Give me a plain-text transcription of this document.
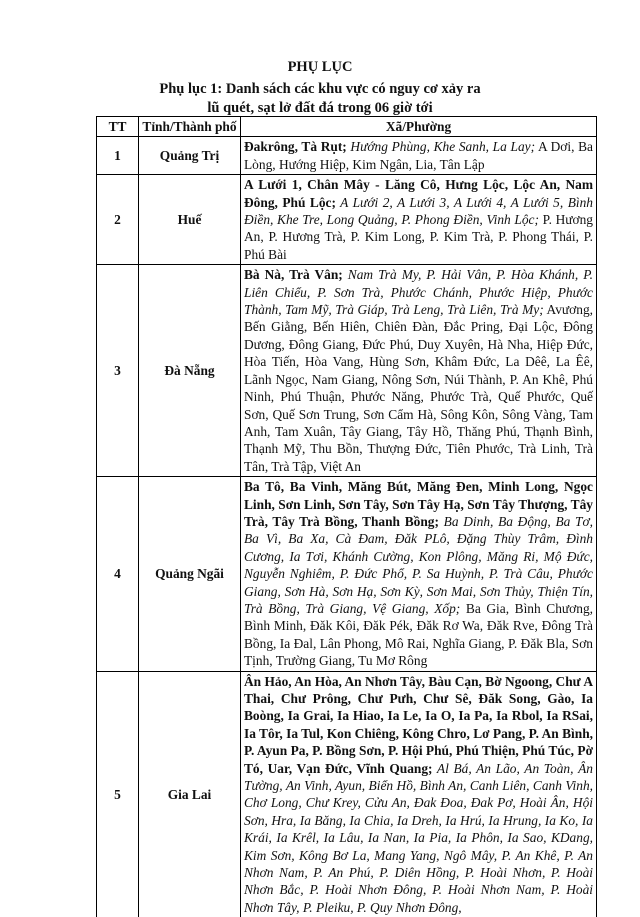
PHỤ LỤC
Phụ lục 1: Danh sách các khu vực có nguy cơ xảy ra
lũ quét, sạt lở đất đá trong 06 giờ tới
TT	Tỉnh/Thành phố	Xã/Phường
1	Quảng Trị	Đakrông, Tà Rụt; Hướng Phùng, Khe Sanh, La Lay; A Dơi, Ba Lòng, Hướng Hiệp, Kim Ngân, Lia, Tân Lập
2	Huế	A Lưới 1, Chân Mây - Lăng Cô, Hưng Lộc, Lộc An, Nam Đông, Phú Lộc; A Lưới 2, A Lưới 3, A Lưới 4, A Lưới 5, Bình Điền, Khe Tre, Long Quảng, P. Phong Điền, Vinh Lộc; P. Hương An, P. Hương Trà, P. Kim Long, P. Kim Trà, P. Phong Thái, P. Phú Bài
3	Đà Nẵng	Bà Nà, Trà Vân; Nam Trà My, P. Hải Vân, P. Hòa Khánh, P. Liên Chiểu, P. Sơn Trà, Phước Chánh, Phước Hiệp, Phước Thành, Tam Mỹ, Trà Giáp, Trà Leng, Trà Liên, Trà My; Avương, Bến Giằng, Bến Hiên, Chiên Đàn, Đắc Pring, Đại Lộc, Đông Dương, Đông Giang, Đức Phú, Duy Xuyên, Hà Nha, Hiệp Đức, Hòa Tiến, Hòa Vang, Hùng Sơn, Khâm Đức, La Dêê, La Êê, Lãnh Ngọc, Nam Giang, Nông Sơn, Núi Thành, P. An Khê, Phú Ninh, Phú Thuận, Phước Năng, Phước Trà, Quế Phước, Quế Sơn, Quế Sơn Trung, Sơn Cẩm Hà, Sông Kôn, Sông Vàng, Tam Anh, Tam Xuân, Tây Giang, Tây Hồ, Thăng Phú, Thạnh Bình, Thạnh Mỹ, Thu Bồn, Thượng Đức, Tiên Phước, Trà Linh, Trà Tân, Trà Tập, Việt An
4	Quảng Ngãi	Ba Tô, Ba Vinh, Măng Bút, Măng Đen, Minh Long, Ngọc Linh, Sơn Linh, Sơn Tây, Sơn Tây Hạ, Sơn Tây Thượng, Tây Trà, Tây Trà Bồng, Thanh Bồng; Ba Dinh, Ba Động, Ba Tơ, Ba Vì, Ba Xa, Cà Đam, Đăk PLô, Đặng Thùy Trâm, Đình Cương, Ia Tơi, Khánh Cường, Kon Plông, Măng Ri, Mộ Đức, Nguyễn Nghiêm, P. Đức Phổ, P. Sa Huỳnh, P. Trà Câu, Phước Giang, Sơn Hà, Sơn Hạ, Sơn Kỳ, Sơn Mai, Sơn Thủy, Thiện Tín, Trà Bồng, Trà Giang, Vệ Giang, Xốp; Ba Gia, Bình Chương, Bình Minh, Đăk Kôi, Đăk Pék, Đăk Rơ Wa, Đăk Rve, Đông Trà Bồng, Ia Đal, Lân Phong, Mô Rai, Nghĩa Giang, P. Đăk Bla, Sơn Tịnh, Trường Giang, Tu Mơ Rông
5	Gia Lai	Ân Hảo, An Hòa, An Nhơn Tây, Bàu Cạn, Bờ Ngoong, Chư A Thai, Chư Prông, Chư Pưh, Chư Sê, Đăk Song, Gào, Ia Boòng, Ia Grai, Ia Hiao, Ia Le, Ia O, Ia Pa, Ia Rbol, Ia RSai, Ia Tôr, Ia Tul, Kon Chiêng, Kông Chro, Lơ Pang, P. An Bình, P. Ayun Pa, P. Bồng Sơn, P. Hội Phú, Phú Thiện, Phú Túc, Pờ Tó, Uar, Vạn Đức, Vĩnh Quang; Al Bá, An Lão, An Toàn, Ân Tường, An Vinh, Ayun, Biển Hồ, Bình An, Canh Liên, Canh Vinh, Chơ Long, Chư Krey, Cửu An, Đak Đoa, Đak Pơ, Hoài Ân, Hội Sơn, Hra, Ia Băng, Ia Chia, Ia Dreh, Ia Hrú, Ia Hrung, Ia Ko, Ia Krái, Ia Krêl, Ia Lâu, Ia Nan, Ia Pia, Ia Phôn, Ia Sao, KDang, Kim Sơn, Kông Bơ La, Mang Yang, Ngô Mây, P. An Khê, P. An Nhơn Nam, P. An Phú, P. Diên Hồng, P. Hoài Nhơn, P. Hoài Nhơn Bắc, P. Hoài Nhơn Đông, P. Hoài Nhơn Nam, P. Hoài Nhơn Tây, P. Pleiku, P. Quy Nhơn Đông,
